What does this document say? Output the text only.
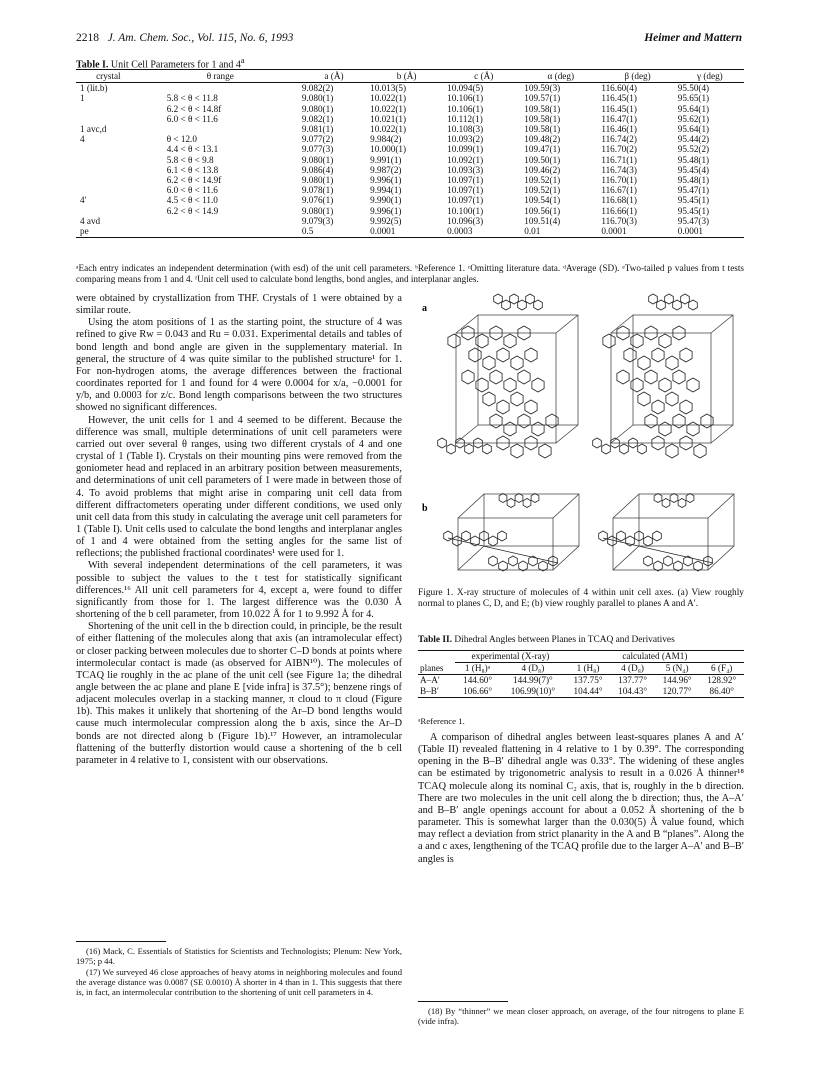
2218 J. Am. Chem. Soc., Vol. 115, No. 6, 1993	Heimer and Mattern
Table I. Unit Cell Parameters for 1 and 4$^a$
crystal	θ range	a (Å)	b (Å)	c (Å)	α (deg)	β (deg)	γ (deg)
1 (lit.b)		9.082(2)	10.013(5)	10.094(5)	109.59(3)	116.60(4)	95.50(4)
1	5.8 < θ < 11.8	9.080(1)	10.022(1)	10.106(1)	109.57(1)	116.45(1)	95.65(1)
	6.2 < θ < 14.8f	9.080(1)	10.022(1)	10.106(1)	109.58(1)	116.45(1)	95.64(1)
	6.0 < θ < 11.6	9.082(1)	10.021(1)	10.112(1)	109.58(1)	116.47(1)	95.62(1)
1 avc,d		9.081(1)	10.022(1)	10.108(3)	109.58(1)	116.46(1)	95.64(1)
4	θ < 12.0	9.077(2)	9.984(2)	10.093(2)	109.48(2)	116.74(2)	95.44(2)
	4.4 < θ < 13.1	9.077(3)	10.000(1)	10.099(1)	109.47(1)	116.70(2)	95.52(2)
	5.8 < θ < 9.8	9.080(1)	9.991(1)	10.092(1)	109.50(1)	116.71(1)	95.48(1)
	6.1 < θ < 13.8	9.086(4)	9.987(2)	10.093(3)	109.46(2)	116.74(3)	95.45(4)
	6.2 < θ < 14.9f	9.080(1)	9.996(1)	10.097(1)	109.52(1)	116.70(1)	95.48(1)
	6.0 < θ < 11.6	9.078(1)	9.994(1)	10.097(1)	109.52(1)	116.67(1)	95.47(1)
4′	4.5 < θ < 11.0	9.076(1)	9.990(1)	10.097(1)	109.54(1)	116.68(1)	95.45(1)
	6.2 < θ < 14.9	9.080(1)	9.996(1)	10.100(1)	109.56(1)	116.66(1)	95.45(1)
4 avd		9.079(3)	9.992(5)	10.096(3)	109.51(4)	116.70(3)	95.47(3)
pe		0.5	0.0001	0.0003	0.01	0.0001	0.0001
ᵃEach entry indicates an independent determination (with esd) of the unit cell parameters. ᵇReference 1. ᶜOmitting literature data. ᵈAverage (SD). ᵉTwo-tailed p values from t tests comparing means from 1 and 4. ᶠUnit cell used to calculate bond lengths, bond angles, and interplanar angles.

were obtained by crystallization from THF. Crystals of 1 were obtained by a similar route.

Using the atom positions of 1 as the starting point, the structure of 4 was refined to give Rw = 0.043 and Ru = 0.031. Experimental details and tables of bond length and bond angle are given in the supplementary material. In general, the structure of 4 was quite similar to the published structure¹ for 1. For non-hydrogen atoms, the average differences between the fractional coordinates reported for 1 and found for 4 were 0.0004 for x/a, −0.0001 for y/b, and 0.0003 for z/c. Bond length comparisons between the two structures showed no significant differences.

However, the unit cells for 1 and 4 seemed to be different. Because the difference was small, multiple determinations of unit cell parameters were carried out over several θ ranges, using two different crystals of 4 and one crystal of 1 (Table I). Crystals on their mounting pins were removed from the goniometer head and replaced in an arbitrary position between measurements, and determinations of unit cell parameters of 1 were made in between those of 4. To avoid problems that might arise in comparing unit cell data from different diffractometers operating under different conditions, we used only unit cell data from this study in calculating the average unit cell parameters for 1 (Table I). Unit cells used to calculate the bond lengths and interplanar angles of 1 and 4 were obtained from the setting angles for the same list of reflections; the published fractional coordinates¹ were used for 1.

With several independent determinations of the cell parameters, it was possible to subject the values to the t test for statistically significant differences.¹⁶ All unit cell parameters for 4, except a, were found to differ significantly from those for 1. The largest difference was the 0.030 Å shortening of the b cell parameter, from 10.022 Å for 1 to 9.992 Å for 4.

Shortening of the unit cell in the b direction could, in principle, be the result of either flattening of the molecules along that axis (an intramolecular effect) or closer packing between molecules due to shorter C–D bonds at points where intermolecular contact is made (as observed for AIBN¹⁰). The molecules of TCAQ lie roughly in the ac plane of the unit cell (see Figure 1a; the dihedral angle between the ac plane and plane E [vide infra] is 37.5°); benzene rings of adjacent molecules overlap in a stacking manner, π cloud to π cloud (Figure 1b). This makes it unlikely that shortening of the Ar–D bond lengths would cause much intermolecular compression along the b axis, since the Ar–D bonds are not directed along b (Figure 1b).¹⁷ However, an intramolecular flattening of the butterfly distortion would cause a shortening of the b cell parameter in 4 relative to 1, consistent with our observations.

(16) Mack, C. Essentials of Statistics for Scientists and Technologists; Plenum: New York, 1975; p 44.

(17) We surveyed 46 close approaches of heavy atoms in neighboring molecules and found the average distance was 0.0087 (SE 0.0010) Å shorter in 4 than in 1. This suggests that there is, in fact, an intermolecular contribution to the shortening of unit cell parameters in 4.

a
b
Figure 1. X-ray structure of molecules of 4 within unit cell axes. (a) View roughly normal to planes C, D, and E; (b) view roughly parallel to planes A and A′.
Table II. Dihedral Angles between Planes in TCAQ and Derivatives
	experimental (X-ray)		calculated (AM1)			
planes	1 (H₈)ᵃ	4 (D₈)	1 (H₈)	4 (D₈)	5 (N₄)	6 (F₄)
A–A′	144.60°	144.99(7)°	137.75°	137.77°	144.96°	128.92°
B–B′	106.66°	106.99(10)°	104.44°	104.43°	120.77°	86.40°
ᵃReference 1.

A comparison of dihedral angles between least-squares planes A and A′ (Table II) revealed flattening in 4 relative to 1 by 0.39°. The corresponding opening in the B–B′ dihedral angle was 0.33°. The widening of these angles can be estimated by trigonometric analysis to result in a 0.026 Å thinner¹⁸ TCAQ molecule along its nominal C₂ axis, that is, roughly in the b direction. There are two molecules in the unit cell along the b direction; thus, the A–A′ and B–B′ angle openings account for about a 0.052 Å shortening of the b parameter. This is somewhat larger than the 0.030(5) Å value found, which may reflect a deviation from strict planarity in the A and B “planes”. Along the a and c axes, lengthening of the TCAQ profile due to the larger A–A′ and B–B′ angles is

(18) By “thinner” we mean closer approach, on average, of the four nitrogens to plane E (vide infra).
